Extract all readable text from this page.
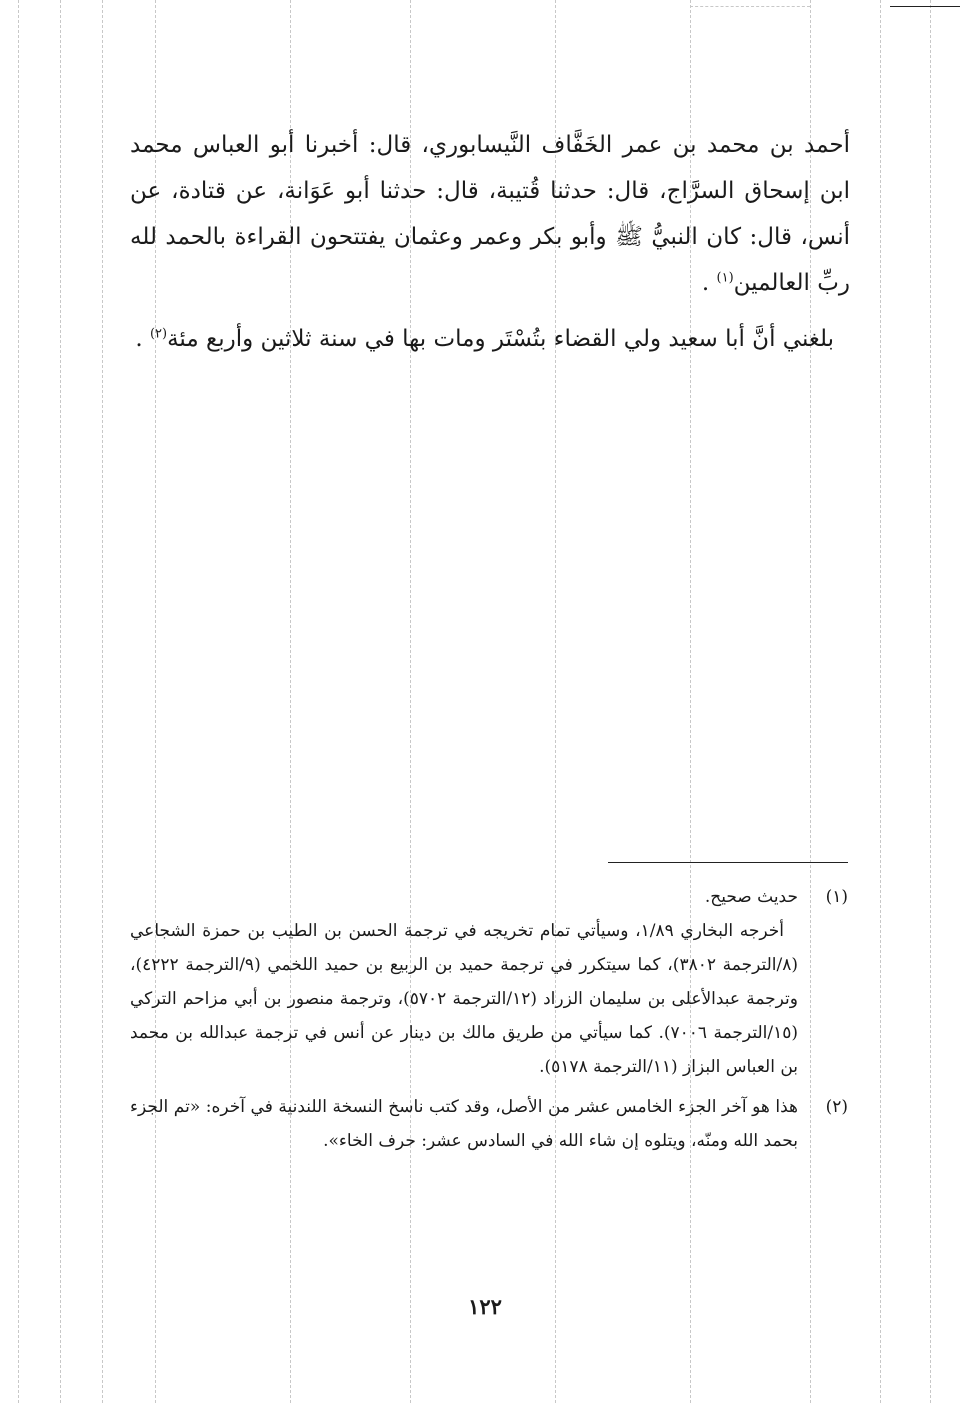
أحمد بن محمد بن عمر الخَفَّاف النَّيسابوري، قال: أخبرنا أبو العباس محمد ابن إسحاق السرَّاج، قال: حدثنا قُتيبة، قال: حدثنا أبو عَوَانة، عن قتادة، عن أنس، قال: كان النبيُّ ﷺ وأبو بكر وعمر وعثمان يفتتحون القراءة بالحمد لله ربِّ العالمين$^{(١)}$ .

بلغني أنَّ أبا سعيد ولي القضاء بتُسْتَر ومات بها في سنة ثلاثين وأربع مئة$^{(٢)}$ .

(١)

حديث صحيح.

أخرجه البخاري ١/٨٩، وسيأتي تمام تخريجه في ترجمة الحسن بن الطيب بن حمزة الشجاعي (٨/الترجمة ٣٨٠٢)، كما سيتكرر في ترجمة حميد بن الربيع بن حميد اللخمي (٩/الترجمة ٤٢٢٢)، وترجمة عبدالأعلى بن سليمان الزراد (١٢/الترجمة ٥٧٠٢)، وترجمة منصور بن أبي مزاحم التركي (١٥/الترجمة ٧٠٠٦). كما سيأتي من طريق مالك بن دينار عن أنس في ترجمة عبدالله بن محمد بن العباس البزاز (١١/الترجمة ٥١٧٨).

(٢)

هذا هو آخر الجزء الخامس عشر من الأصل، وقد كتب ناسخ النسخة اللندنية في آخره: «تم الجزء بحمد الله ومنّه، ويتلوه إن شاء الله في السادس عشر: حرف الخاء».

١٢٢
